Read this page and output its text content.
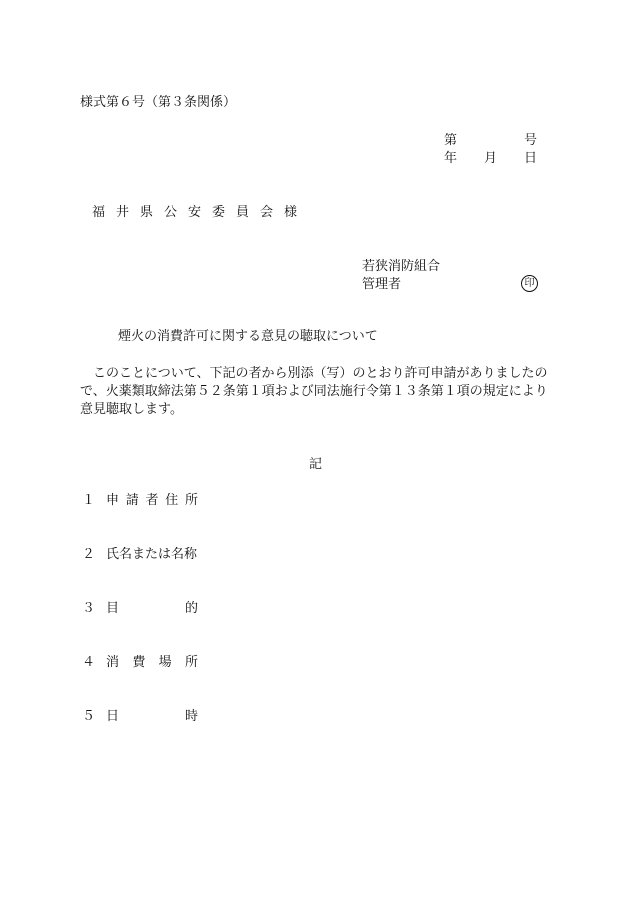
様式第６号（第３条関係）
第	号
年 月 日
福井県公安委員会様
若狭消防組合
管理者	印
煙火の消費許可に関する意見の聴取について
このことについて、下記の者から別添（写）のとおり許可申請がありましたので、火薬類取締法第５２条第１項および同法施行令第１３条第１項の規定により意見聴取します。
記
１ 申請者住所
２ 氏名または名称
３ 目的
４ 消費場所
５ 日時
